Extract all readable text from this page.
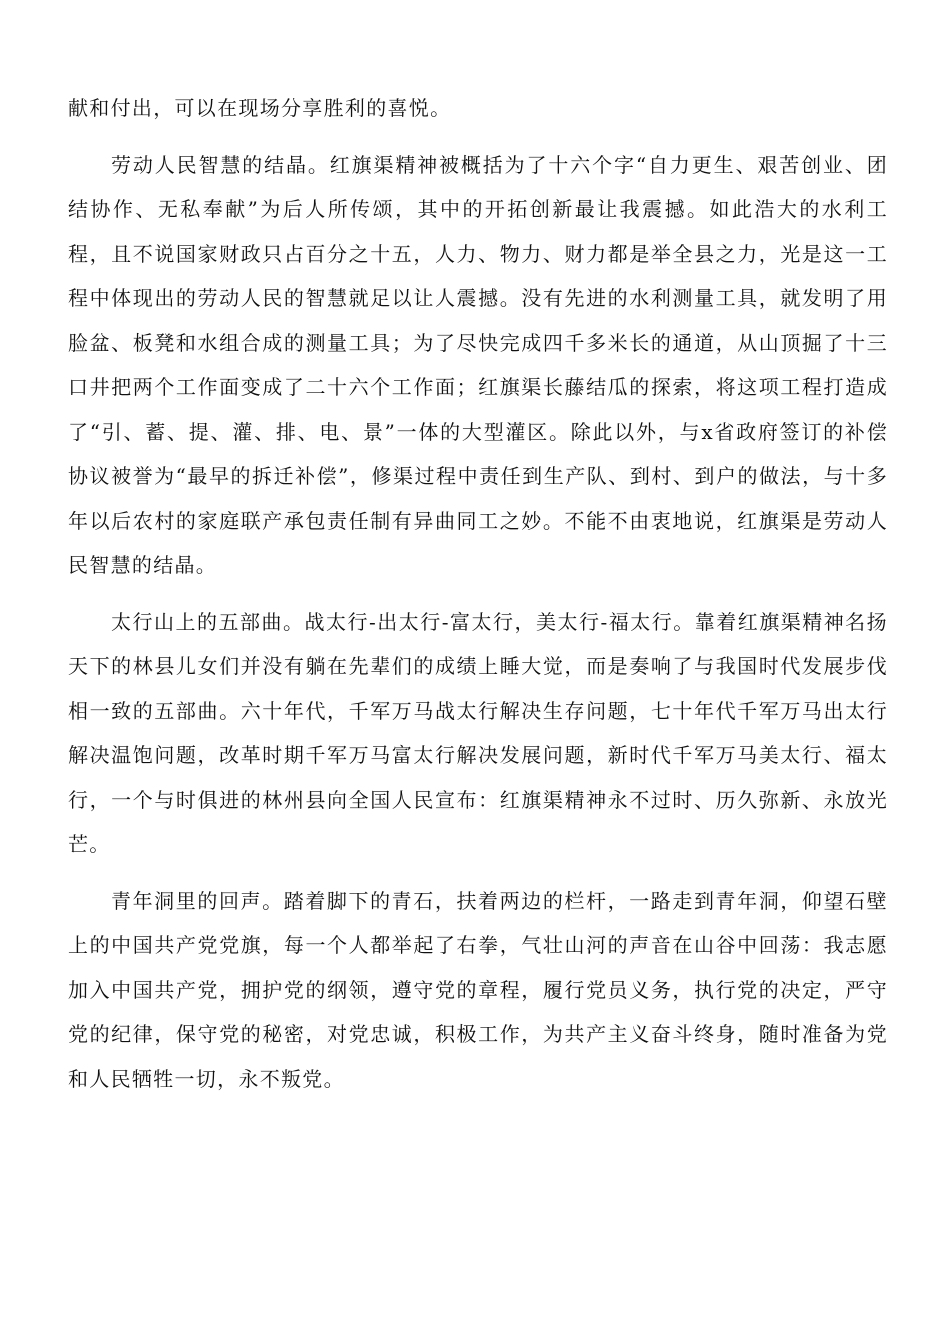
献和付出，可以在现场分享胜利的喜悦。

劳动人民智慧的结晶。红旗渠精神被概括为了十六个字“自力更生、艰苦创业、团结协作、无私奉献”为后人所传颂，其中的开拓创新最让我震撼。如此浩大的水利工程，且不说国家财政只占百分之十五，人力、物力、财力都是举全县之力，光是这一工程中体现出的劳动人民的智慧就足以让人震撼。没有先进的水利测量工具，就发明了用脸盆、板凳和水组合成的测量工具；为了尽快完成四千多米长的通道，从山顶掘了十三口井把两个工作面变成了二十六个工作面；红旗渠长藤结瓜的探索，将这项工程打造成了“引、蓄、提、灌、排、电、景”一体的大型灌区。除此以外，与x省政府签订的补偿协议被誉为“最早的拆迁补偿”，修渠过程中责任到生产队、到村、到户的做法，与十多年以后农村的家庭联产承包责任制有异曲同工之妙。不能不由衷地说，红旗渠是劳动人民智慧的结晶。

太行山上的五部曲。战太行-出太行-富太行，美太行-福太行。靠着红旗渠精神名扬天下的林县儿女们并没有躺在先辈们的成绩上睡大觉，而是奏响了与我国时代发展步伐相一致的五部曲。六十年代，千军万马战太行解决生存问题，七十年代千军万马出太行解决温饱问题，改革时期千军万马富太行解决发展问题，新时代千军万马美太行、福太行，一个与时俱进的林州县向全国人民宣布：红旗渠精神永不过时、历久弥新、永放光芒。

青年洞里的回声。踏着脚下的青石，扶着两边的栏杆，一路走到青年洞，仰望石壁上的中国共产党党旗，每一个人都举起了右拳，气壮山河的声音在山谷中回荡：我志愿加入中国共产党，拥护党的纲领，遵守党的章程，履行党员义务，执行党的决定，严守党的纪律，保守党的秘密，对党忠诚，积极工作，为共产主义奋斗终身，随时准备为党和人民牺牲一切，永不叛党。
